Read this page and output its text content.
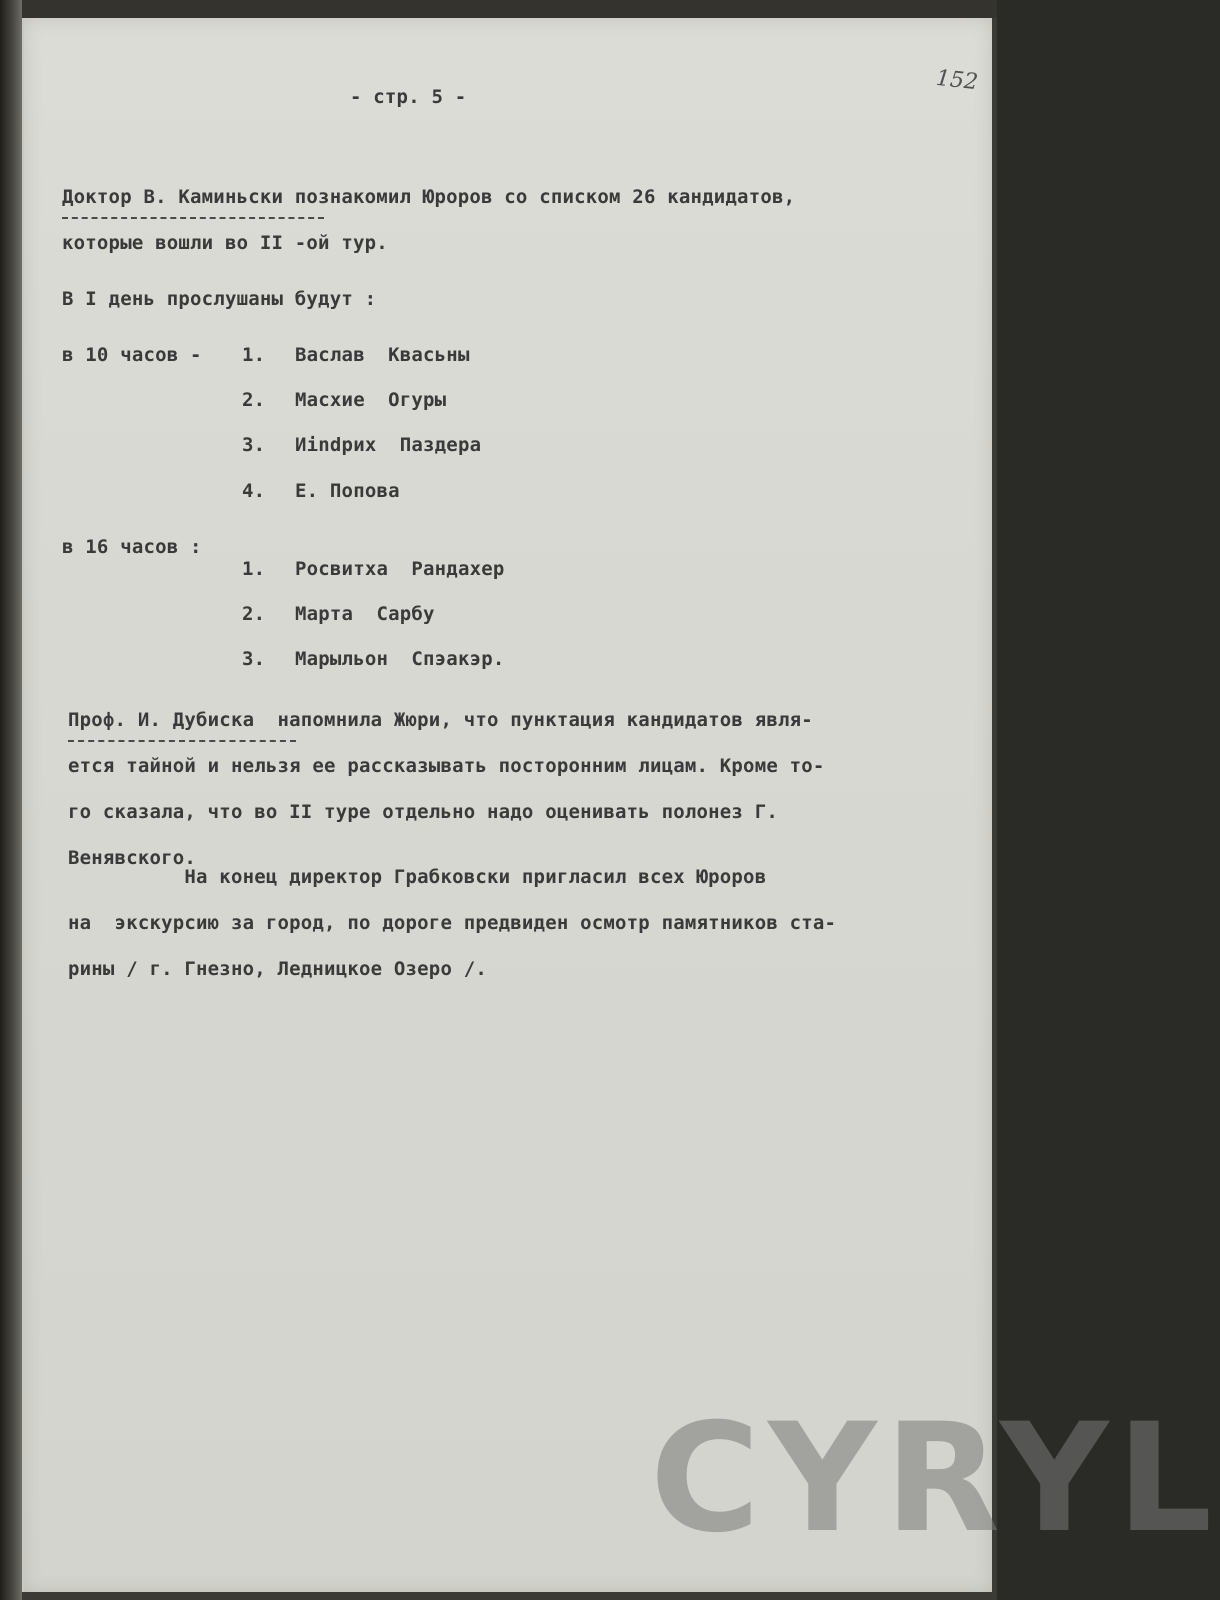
152
- стр. 5 -
Доктор В. Каминьски познакомил Юроров со списком 26 кандидатов,
которые вошли во II -ой тур.
В I день прослушаны будут :
в 10 часов - 1. Васлав  Квасьны
2. Масхие  Огуры
3. Иindрих  Паздера
4. Е. Попова
в 16 часов :
1. Росвитха  Рандахер
2. Марта  Сарбу
3. Марыльон  Спэакэр.
Проф. И. Дубиска  напомнила Жюри, что пунктация кандидатов явля-
ется тайной и нельзя ее рассказывать посторонним лицам. Кроме то-
го сказала, что во II туре отдельно надо оценивать полонез Г.
Венявского.
На конец директор Грабковски пригласил всех Юроров
на  экскурсию за город, по дороге предвиден осмотр памятников ста-
рины / г. Гнезно, Ледницкое Озеро /.
CYRYL
